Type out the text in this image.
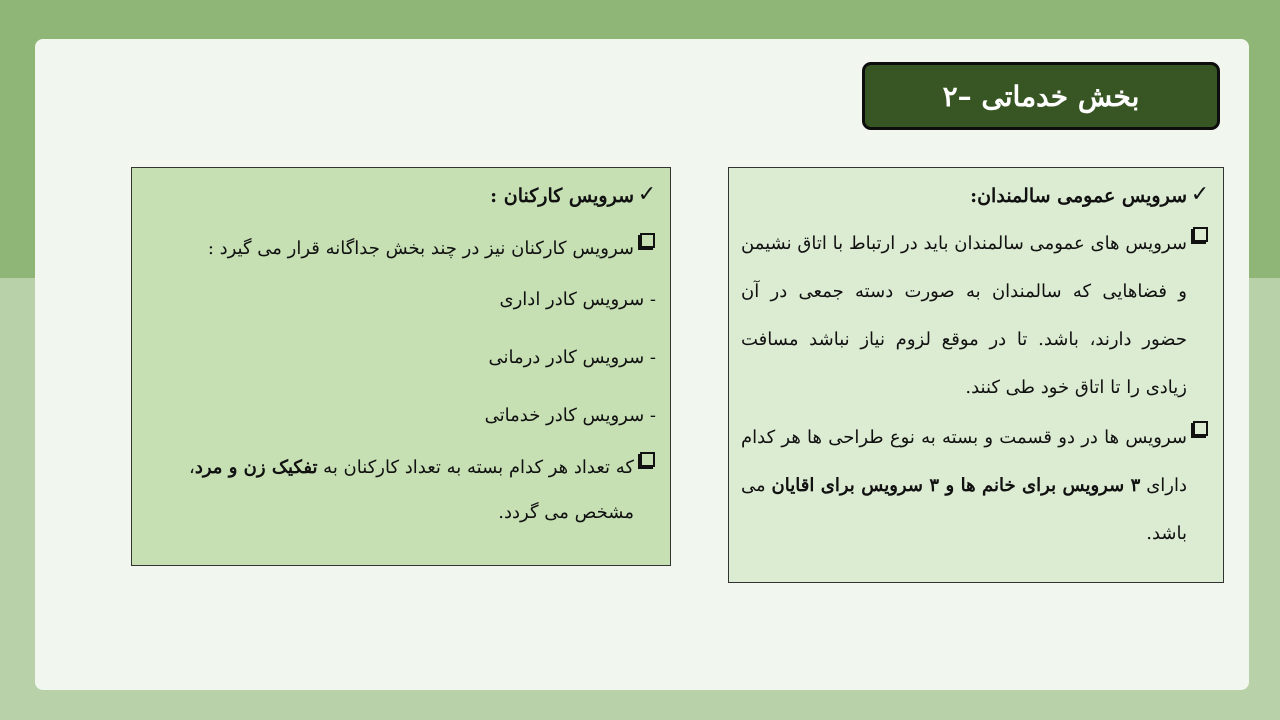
۲– بخش خدماتی
✓
سرویس عمومی سالمندان:
سرویس های عمومی سالمندان باید در ارتباط با اتاق نشیمن و فضاهایی که سالمندان به صورت دسته جمعی در آن حضور دارند، باشد. تا در موقع لزوم نیاز نباشد مسافت زیادی را تا اتاق خود طی کنند.
سرویس ها در دو قسمت و بسته به نوع طراحی ها هر کدام دارای ۳ سرویس برای خانم ها و ۳ سرویس برای اقایان می باشد.
✓
سرویس کارکنان :
سرویس کارکنان نیز در چند بخش جداگانه قرار می گیرد :
- سرویس کادر اداری
- سرویس کادر درمانی
- سرویس کادر خدماتی
که تعداد هر کدام بسته به تعداد کارکنان به تفکیک زن و مرد، مشخص می گردد.
